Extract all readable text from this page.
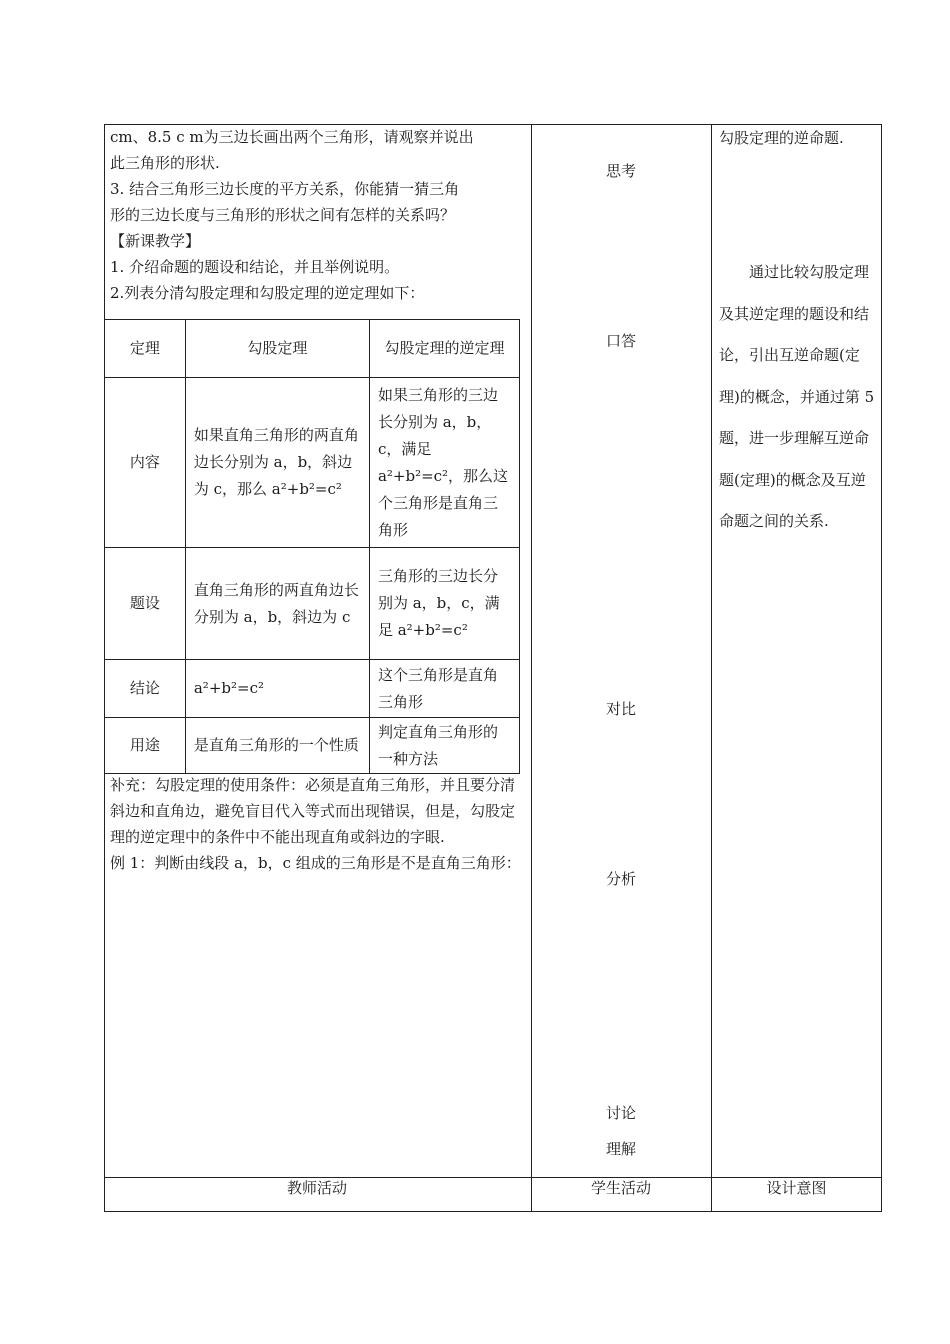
cm、8.5 c m为三边长画出两个三角形，请观察并说出

此三角形的形状.

3. 结合三角形三边长度的平方关系，你能猜一猜三角

形的三边长度与三角形的形状之间有怎样的关系吗？

【新课教学】

1. 介绍命题的题设和结论，并且举例说明。

2.列表分清勾股定理和勾股定理的逆定理如下：

定理	勾股定理	勾股定理的逆定理
内容	如果直角三角形的两直角边长分别为 a，b，斜边为 c，那么 a²+b²=c²	如果三角形的三边长分别为 a，b，c，满足 a²+b²=c²，那么这个三角形是直角三角形
题设	直角三角形的两直角边长分别为 a，b，斜边为 c	三角形的三边长分别为 a，b，c，满足 a²+b²=c²
结论	a²+b²=c²	这个三角形是直角三角形
用途	是直角三角形的一个性质	判定直角三角形的一种方法

补充：勾股定理的使用条件：必须是直角三角形，并且要分清斜边和直角边，避免盲目代入等式而出现错误，但是，勾股定理的逆定理中的条件中不能出现直角或斜边的字眼.

例 1：判断由线段 a，b，c 组成的三角形是不是直角三角形：

思考
口答
对比
分析
讨论
理解
勾股定理的逆命题.
通过比较勾股定理及其逆定理的题设和结论，引出互逆命题(定理)的概念，并通过第 5 题，进一步理解互逆命题(定理)的概念及互逆命题之间的关系.
教师活动	学生活动	设计意图
